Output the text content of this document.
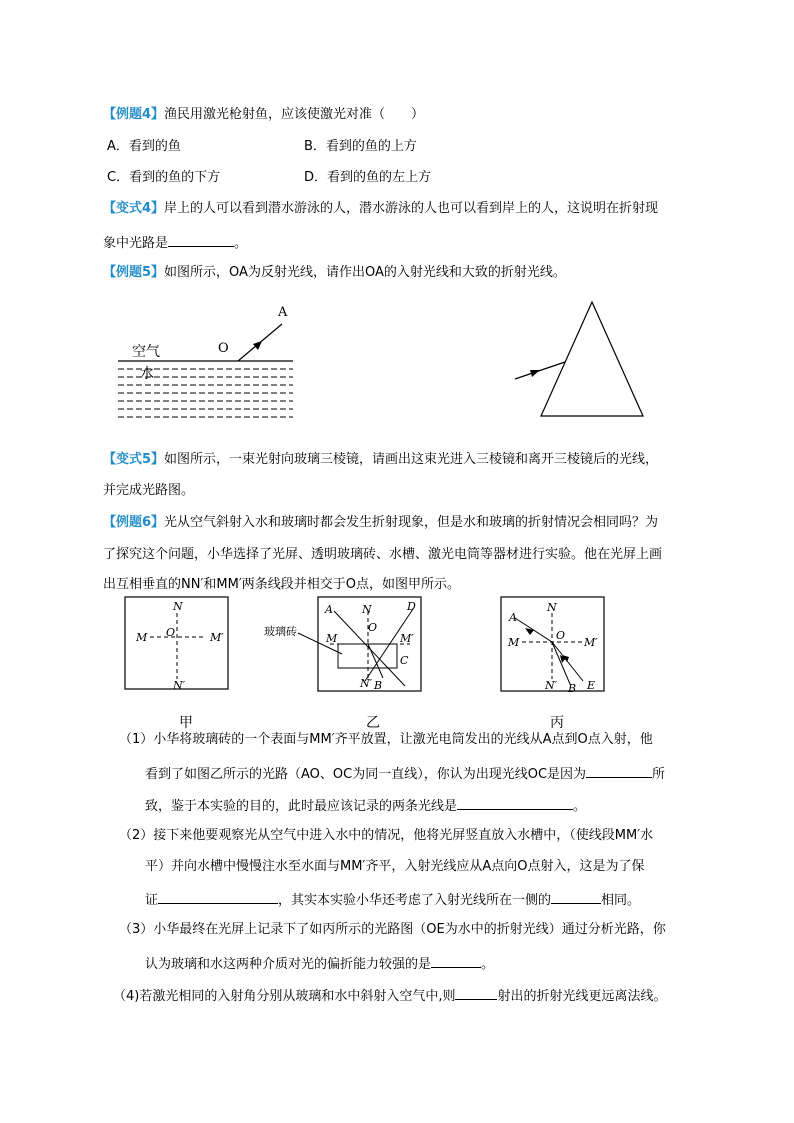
【例题4】渔民用激光枪射鱼，应该使激光对准（　　）
A．看到的鱼	B．看到的鱼的上方
C．看到的鱼的下方	D．看到的鱼的左上方
【变式4】岸上的人可以看到潜水游泳的人，潜水游泳的人也可以看到岸上的人，这说明在折射现
象中光路是	。
【例题5】如图所示，OA为反射光线，请作出OA的入射光线和大致的折射光线。
空气
水
O
A
【变式5】如图所示，一束光射向玻璃三棱镜，请画出这束光进入三棱镜和离开三棱镜后的光线，
并完成光路图。
【例题6】光从空气斜射入水和玻璃时都会发生折射现象，但是水和玻璃的折射情况会相同吗？为
了探究这个问题，小华选择了光屏、透明玻璃砖、水槽、激光电筒等器材进行实验。他在光屏上画
出互相垂直的NN′和MM′两条线段并相交于O点，如图甲所示。
N
N′
M	M′
O	玻璃砖
A	N	D
M
O
M′
C
N′ B
A
N
M
O
M′
N′ B E
甲	乙	丙
（1）小华将玻璃砖的一个表面与MM′齐平放置，让激光电筒发出的光线从A点到O点入射，他
看到了如图乙所示的光路（AO、OC为同一直线），你认为出现光线OC是因为	所
致，鉴于本实验的目的，此时最应该记录的两条光线是	。
（2）接下来他要观察光从空气中进入水中的情况，他将光屏竖直放入水槽中，（使线段MM′水
平）并向水槽中慢慢注水至水面与MM′齐平，入射光线应从A点向O点射入，这是为了保
证	，其实本实验小华还考虑了入射光线所在一侧的	相同。
（3）小华最终在光屏上记录下了如丙所示的光路图（OE为水中的折射光线）通过分析光路，你
认为玻璃和水这两种介质对光的偏折能力较强的是	。
（4)若激光相同的入射角分别从玻璃和水中斜射入空气中,则	射出的折射光线更远离法线。
